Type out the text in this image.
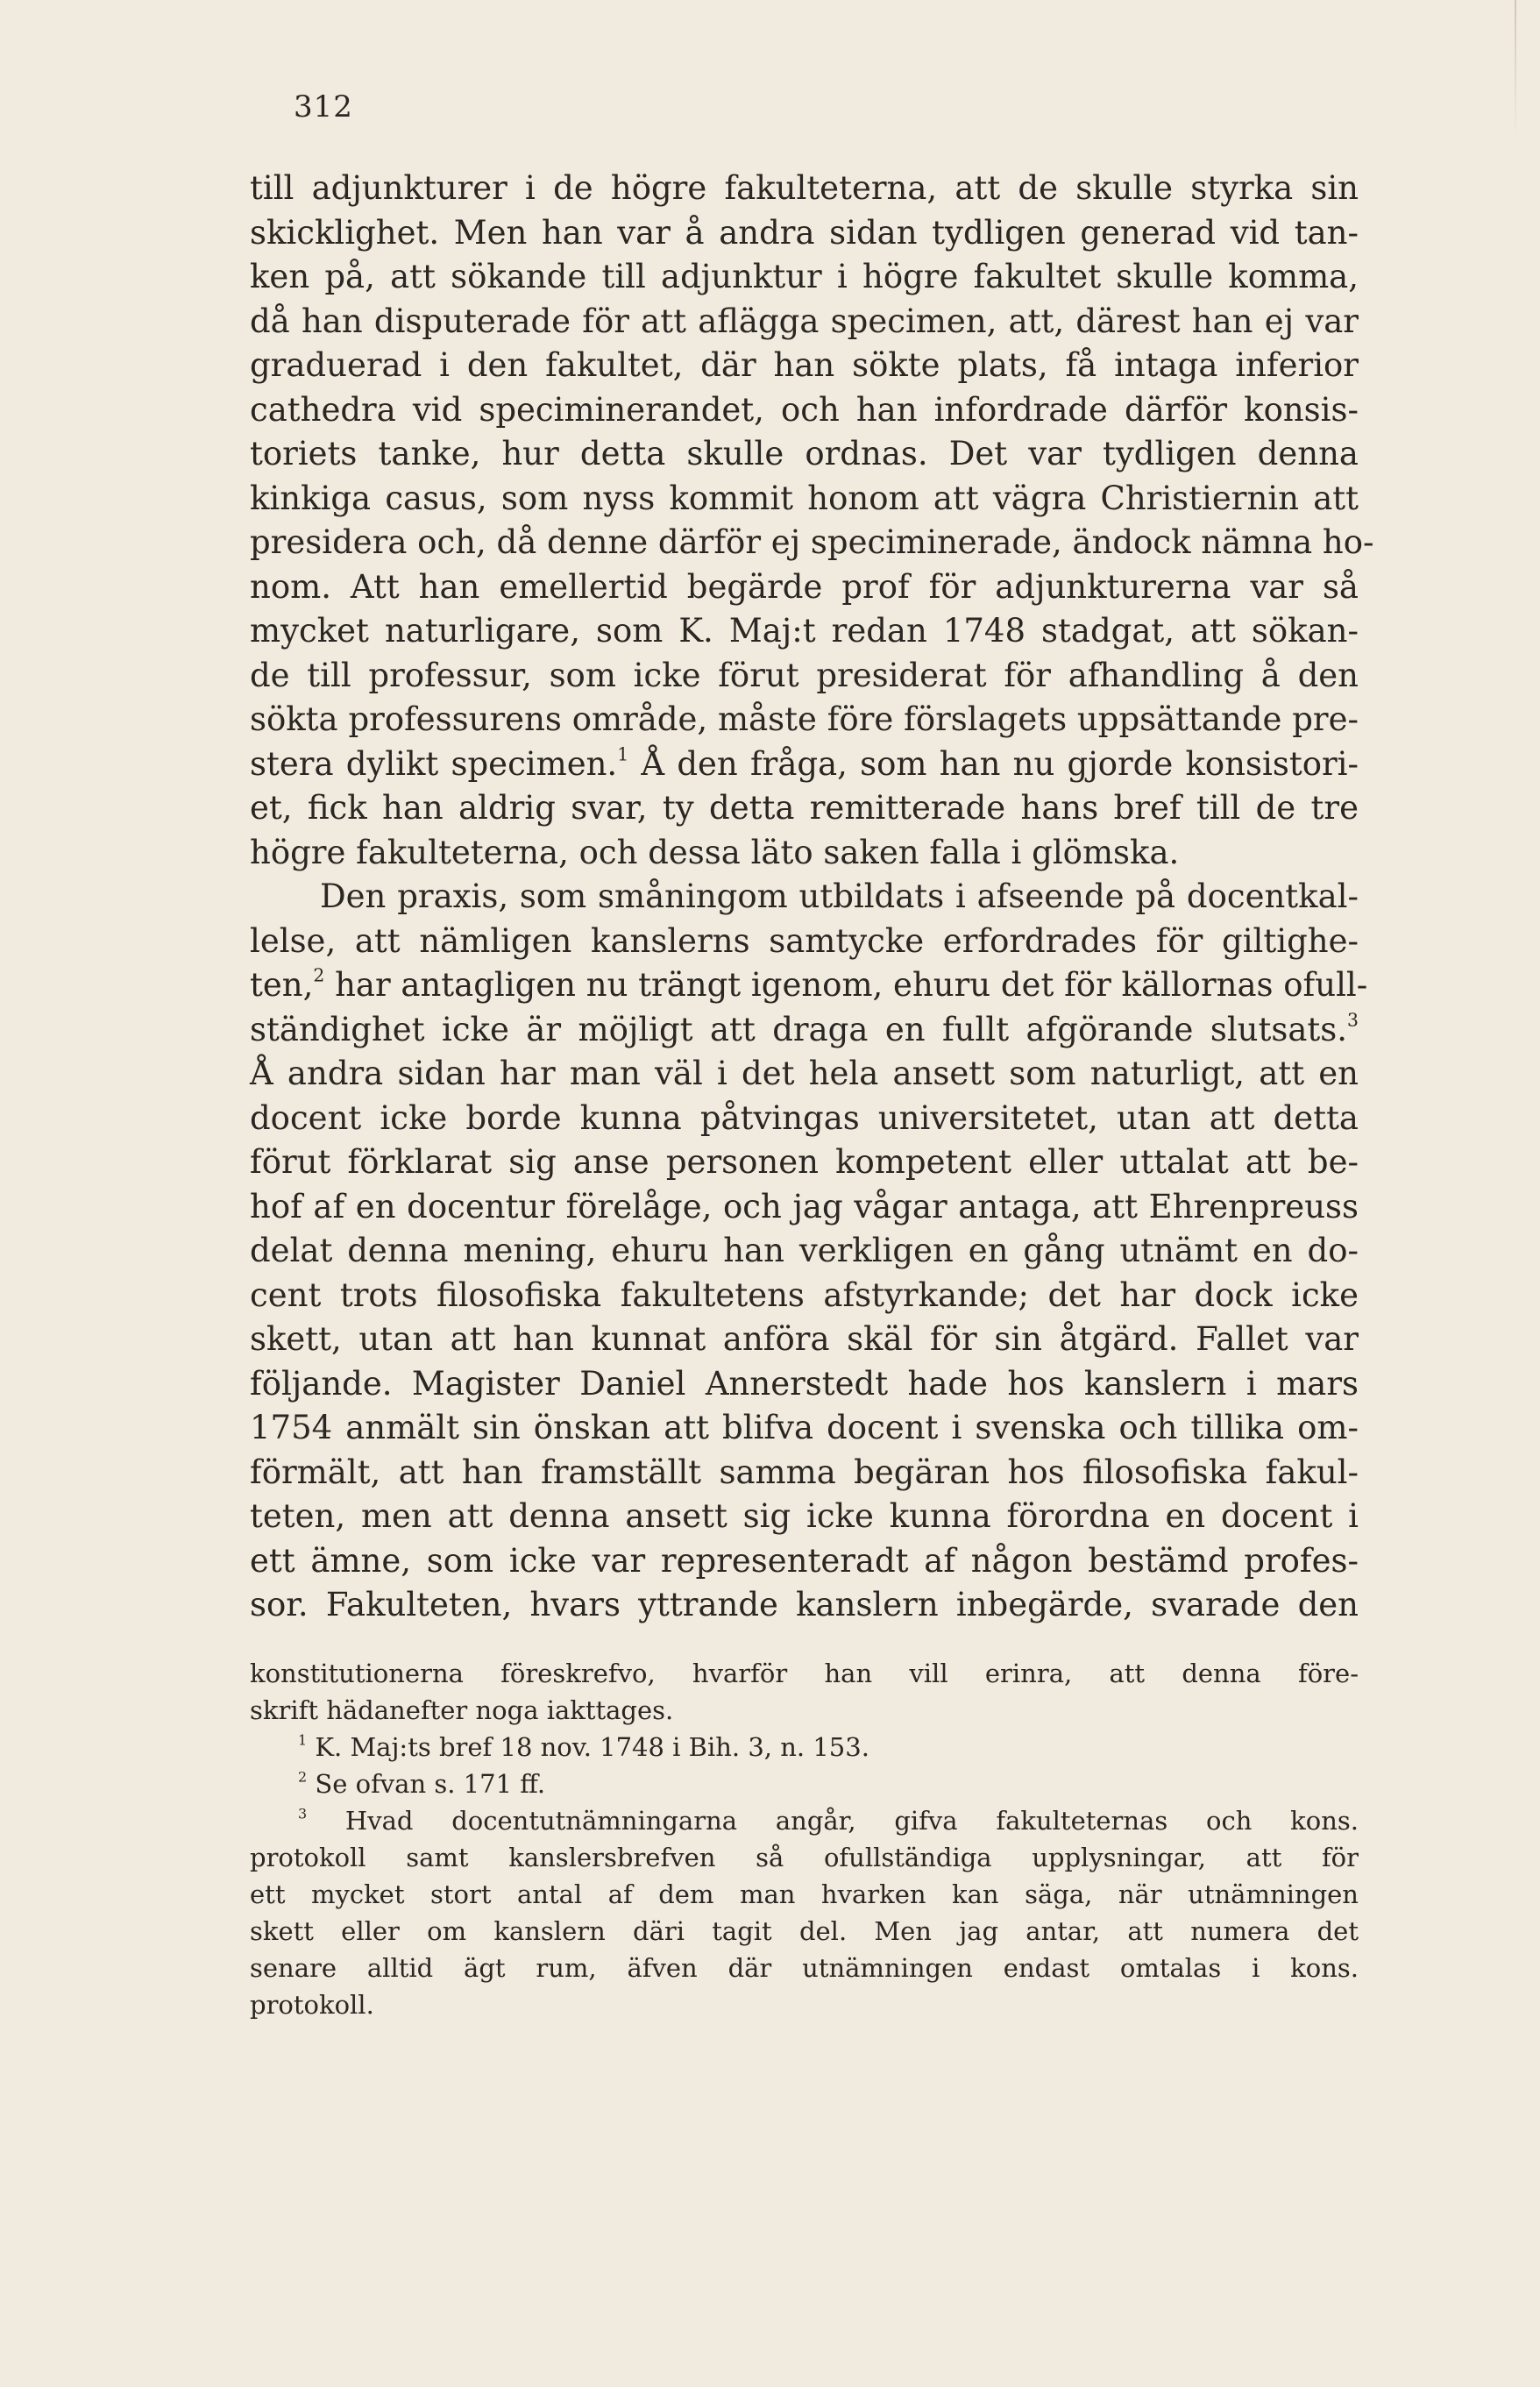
312
till adjunkturer i de högre fakulteterna, att de skulle styrka sin
skicklighet. Men han var å andra sidan tydligen generad vid tan-
ken på, att sökande till adjunktur i högre fakultet skulle komma,
då han disputerade för att aflägga specimen, att, därest han ej var
graduerad i den fakultet, där han sökte plats, få intaga inferior
cathedra vid speciminerandet, och han infordrade därför konsis-
toriets tanke, hur detta skulle ordnas. Det var tydligen denna
kinkiga casus, som nyss kommit honom att vägra Christiernin att
presidera och, då denne därför ej specimineradе, ändock nämna ho-
nom. Att han emellertid begärde prof för adjunkturerna var så
mycket naturligare, som K. Maj:t redan 1748 stadgat, att sökan-
de till professur, som icke förut presiderat för afhandling å den
sökta professurens område, måste före förslagets uppsättande pre-
stera dylikt specimen.$^1$ Å den fråga, som han nu gjorde konsistori-
et, fick han aldrig svar, ty detta remitterade hans bref till de tre
högre fakulteterna, och dessa läto saken falla i glömska.
Den praxis, som småningom utbildats i afseende på docentkal-
lelse, att nämligen kanslerns samtycke erfordrades för giltighe-
ten,$^2$ har antagligen nu trängt igenom, ehuru det för källornas ofull-
ständighet icke är möjligt att draga en fullt afgörande slutsats.$^3$
Å andra sidan har man väl i det hela ansett som naturligt, att en
docent icke borde kunna påtvingas universitetet, utan att detta
förut förklarat sig anse personen kompetent eller uttalat att be-
hof af en docentur förelåge, och jag vågar antaga, att Ehrenpreuss
delat denna mening, ehuru han verkligen en gång utnämt en do-
cent trots filosofiska fakultetens afstyrkande; det har dock icke
skett, utan att han kunnat anföra skäl för sin åtgärd. Fallet var
följande. Magister Daniel Annerstedt hade hos kanslern i mars
1754 anmält sin önskan att blifva docent i svenska och tillika om-
förmält, att han framställt samma begäran hos filosofiska fakul-
teten, men att denna ansett sig icke kunna förordna en docent i
ett ämne, som icke var representeradt af någon bestämd profes-
sor. Fakulteten, hvars yttrande kanslern inbegärde, svarade den
konstitutionerna föreskrefvo, hvarför han vill erinra, att denna före-
skrift hädanefter noga iakttages.
$^1$ K. Maj:ts bref 18 nov. 1748 i Bih. 3, n. 153.
$^2$ Se ofvan s. 171 ff.
$^3$ Hvad docentutnämningarna angår, gifva fakulteternas och kons.
protokoll samt kanslersbrefven så ofullständiga upplysningar, att för
ett mycket stort antal af dem man hvarken kan säga, när utnämningen
skett eller om kanslern däri tagit del. Men jag antar, att numera det
senare alltid ägt rum, äfven där utnämningen endast omtalas i kons.
protokoll.
